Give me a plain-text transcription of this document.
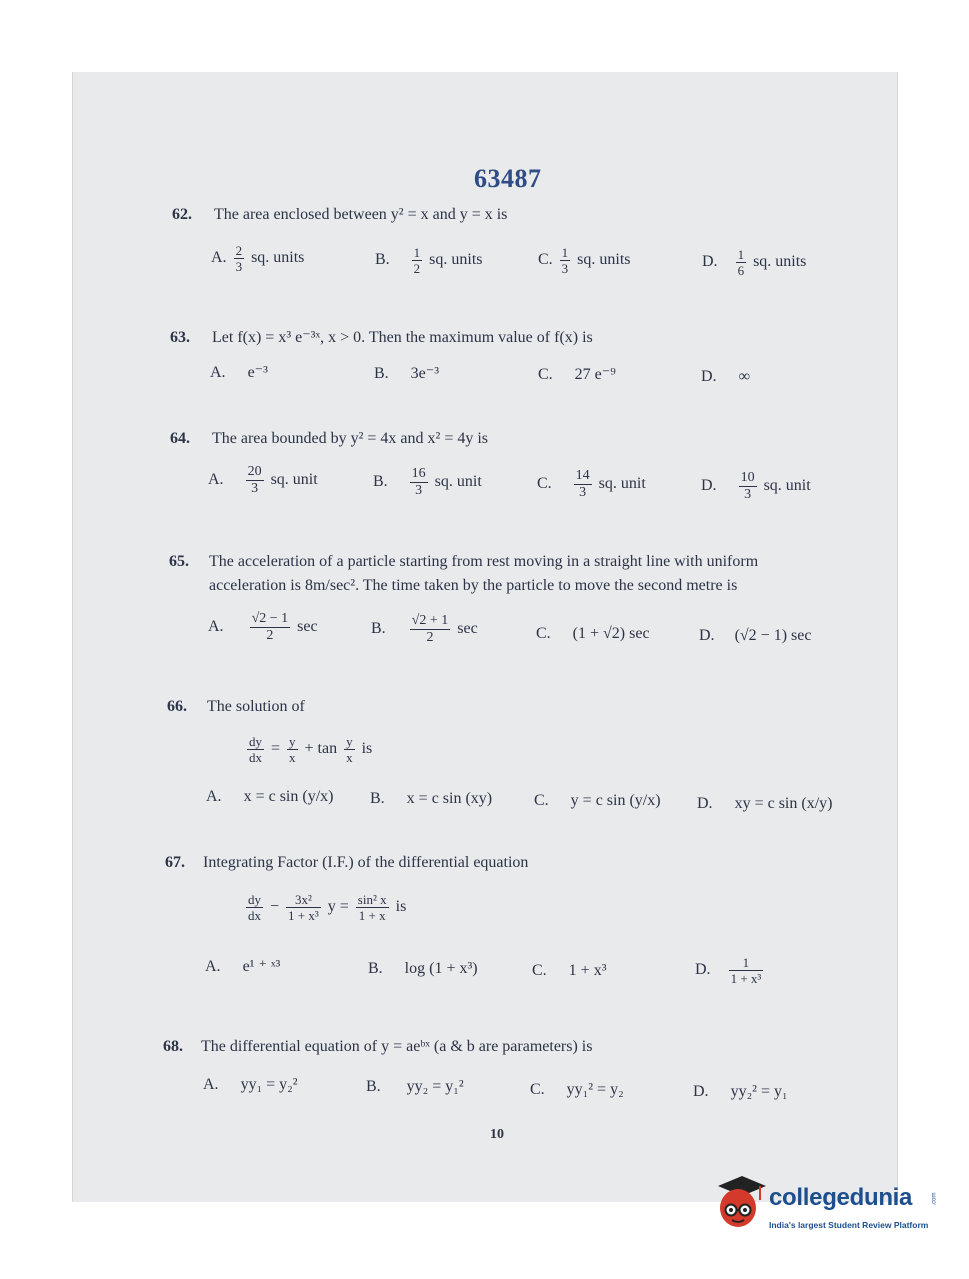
63487
62. The area enclosed between y² = x and y = x is
A. $\frac{2}{3}$ sq. units	B. $\frac{1}{2}$ sq. units	C. $\frac{1}{3}$ sq. units	D. $\frac{1}{6}$ sq. units
63. Let f(x) = x³ e⁻³ˣ, x > 0. Then the maximum value of f(x) is
A. e⁻³	B. 3e⁻³	C. 27 e⁻⁹	D. ∞
64. The area bounded by y² = 4x and x² = 4y is
A. $\frac{20}{3}$ sq. unit	B. $\frac{16}{3}$ sq. unit	C. $\frac{14}{3}$ sq. unit	D. $\frac{10}{3}$ sq. unit
65. The acceleration of a particle starting from rest moving in a straight line with uniform
acceleration is 8m/sec². The time taken by the particle to move the second metre is
A. $\frac{√2 - 1}{2}$ sec	B. $\frac{√2 + 1}{2}$ sec	C. (1 + √2) sec	D. (√2 − 1) sec
66. The solution of
$\frac{dy}{dx} = \frac{y}{x} + \tan \frac{y}{x}$ is
A. x = c sin (y/x) B. x = c sin (xy)	C. y = c sin (y/x) D. xy = c sin (x/y)
67. Integrating Factor (I.F.) of the differential equation
$\frac{dy}{dx} - \frac{\text{3x²}}{\text{1 + x³}}$ $y = \frac{\text{sin² x}}{1 + x}$ is
A. e¹ ⁺ ˣ³	B. log (1 + x³)	C. 1 + x³	D. $\frac{1}{\text{1 + x³}}$
68. The differential equation of y = aeᵇˣ (a & b are parameters) is
A. yy₁ = y₂²	B. yy₂ = y₁²	C. yy₁² = y₂	D. yy₂² = y₁
10
collegedunia	.com
India's largest Student Review Platform
